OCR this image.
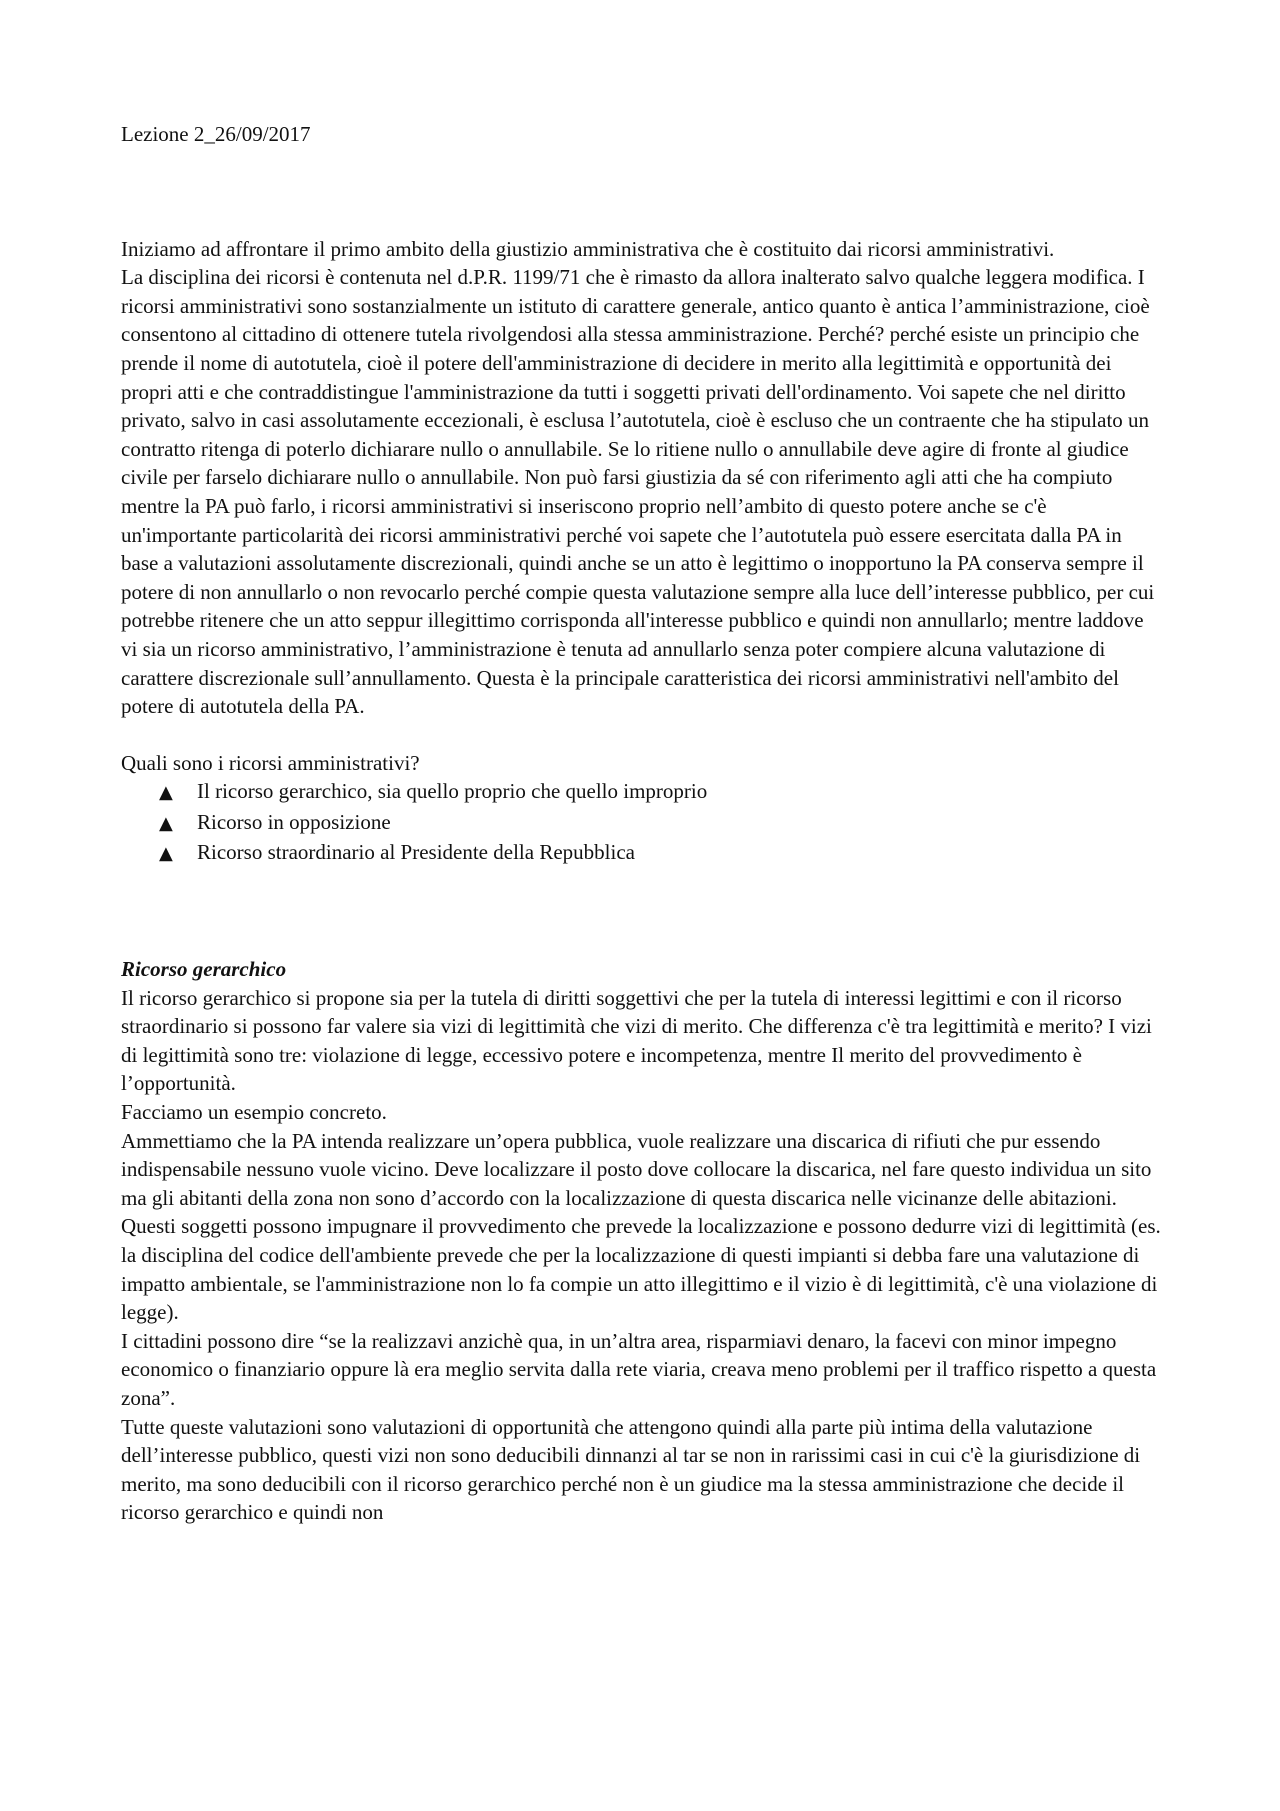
Lezione 2_26/09/2017

Iniziamo ad affrontare il primo ambito della giustizio amministrativa che è costituito dai ricorsi amministrativi.

La disciplina dei ricorsi è contenuta nel d.P.R. 1199/71 che è rimasto da allora inalterato salvo qualche leggera modifica. I ricorsi amministrativi sono sostanzialmente un istituto di carattere generale, antico quanto è antica l’amministrazione, cioè consentono al cittadino di ottenere tutela rivolgendosi alla stessa amministrazione. Perché? perché esiste un principio che prende il nome di autotutela, cioè il potere dell'amministrazione di decidere in merito alla legittimità e opportunità dei propri atti e che contraddistingue l'amministrazione da tutti i soggetti privati dell'ordinamento. Voi sapete che nel diritto privato, salvo in casi assolutamente eccezionali, è esclusa l’autotutela, cioè è escluso che un contraente che ha stipulato un contratto ritenga di poterlo dichiarare nullo o annullabile. Se lo ritiene nullo o annullabile deve agire di fronte al giudice civile per farselo dichiarare nullo o annullabile. Non può farsi giustizia da sé con riferimento agli atti che ha compiuto mentre la PA può farlo, i ricorsi amministrativi si inseriscono proprio nell’ambito di questo potere anche se c'è un'importante particolarità dei ricorsi amministrativi perché voi sapete che l’autotutela può essere esercitata dalla PA in base a valutazioni assolutamente discrezionali, quindi anche se un atto è legittimo o inopportuno la PA conserva sempre il potere di non annullarlo o non revocarlo perché compie questa valutazione sempre alla luce dell’interesse pubblico, per cui potrebbe ritenere che un atto seppur illegittimo corrisponda all'interesse pubblico e quindi non annullarlo; mentre laddove vi sia un ricorso amministrativo, l’amministrazione è tenuta ad annullarlo senza poter compiere alcuna valutazione di carattere discrezionale sull’annullamento. Questa è la principale caratteristica dei ricorsi amministrativi nell'ambito del potere di autotutela della PA.

Quali sono i ricorsi amministrativi?

▲	Il ricorso gerarchico, sia quello proprio che quello improprio
▲	Ricorso in opposizione
▲	Ricorso straordinario al Presidente della Repubblica

Ricorso gerarchico

Il ricorso gerarchico si propone sia per la tutela di diritti soggettivi che per la tutela di interessi legittimi e con il ricorso straordinario si possono far valere sia vizi di legittimità che vizi di merito. Che differenza c'è tra legittimità e merito? I vizi di legittimità sono tre: violazione di legge, eccessivo potere e incompetenza, mentre Il merito del provvedimento è l’opportunità.

Facciamo un esempio concreto.

Ammettiamo che la PA intenda realizzare un’opera pubblica, vuole realizzare una discarica di rifiuti che pur essendo indispensabile nessuno vuole vicino. Deve localizzare il posto dove collocare la discarica, nel fare questo individua un sito ma gli abitanti della zona non sono d’accordo con la localizzazione di questa discarica nelle vicinanze delle abitazioni. Questi soggetti possono impugnare il provvedimento che prevede la localizzazione e possono dedurre vizi di legittimità (es. la disciplina del codice dell'ambiente prevede che per la localizzazione di questi impianti si debba fare una valutazione di impatto ambientale, se l'amministrazione non lo fa compie un atto illegittimo e il vizio è di legittimità, c'è una violazione di legge).

I cittadini possono dire “se la realizzavi anzichè qua, in un’altra area, risparmiavi denaro, la facevi con minor impegno economico o finanziario oppure là era meglio servita dalla rete viaria, creava meno problemi per il traffico rispetto a questa zona”.

Tutte queste valutazioni sono valutazioni di opportunità che attengono quindi alla parte più intima della valutazione dell’interesse pubblico, questi vizi non sono deducibili dinnanzi al tar se non in rarissimi casi in cui c'è la giurisdizione di merito, ma sono deducibili con il ricorso gerarchico perché non è un giudice ma la stessa amministrazione che decide il ricorso gerarchico e quindi non
